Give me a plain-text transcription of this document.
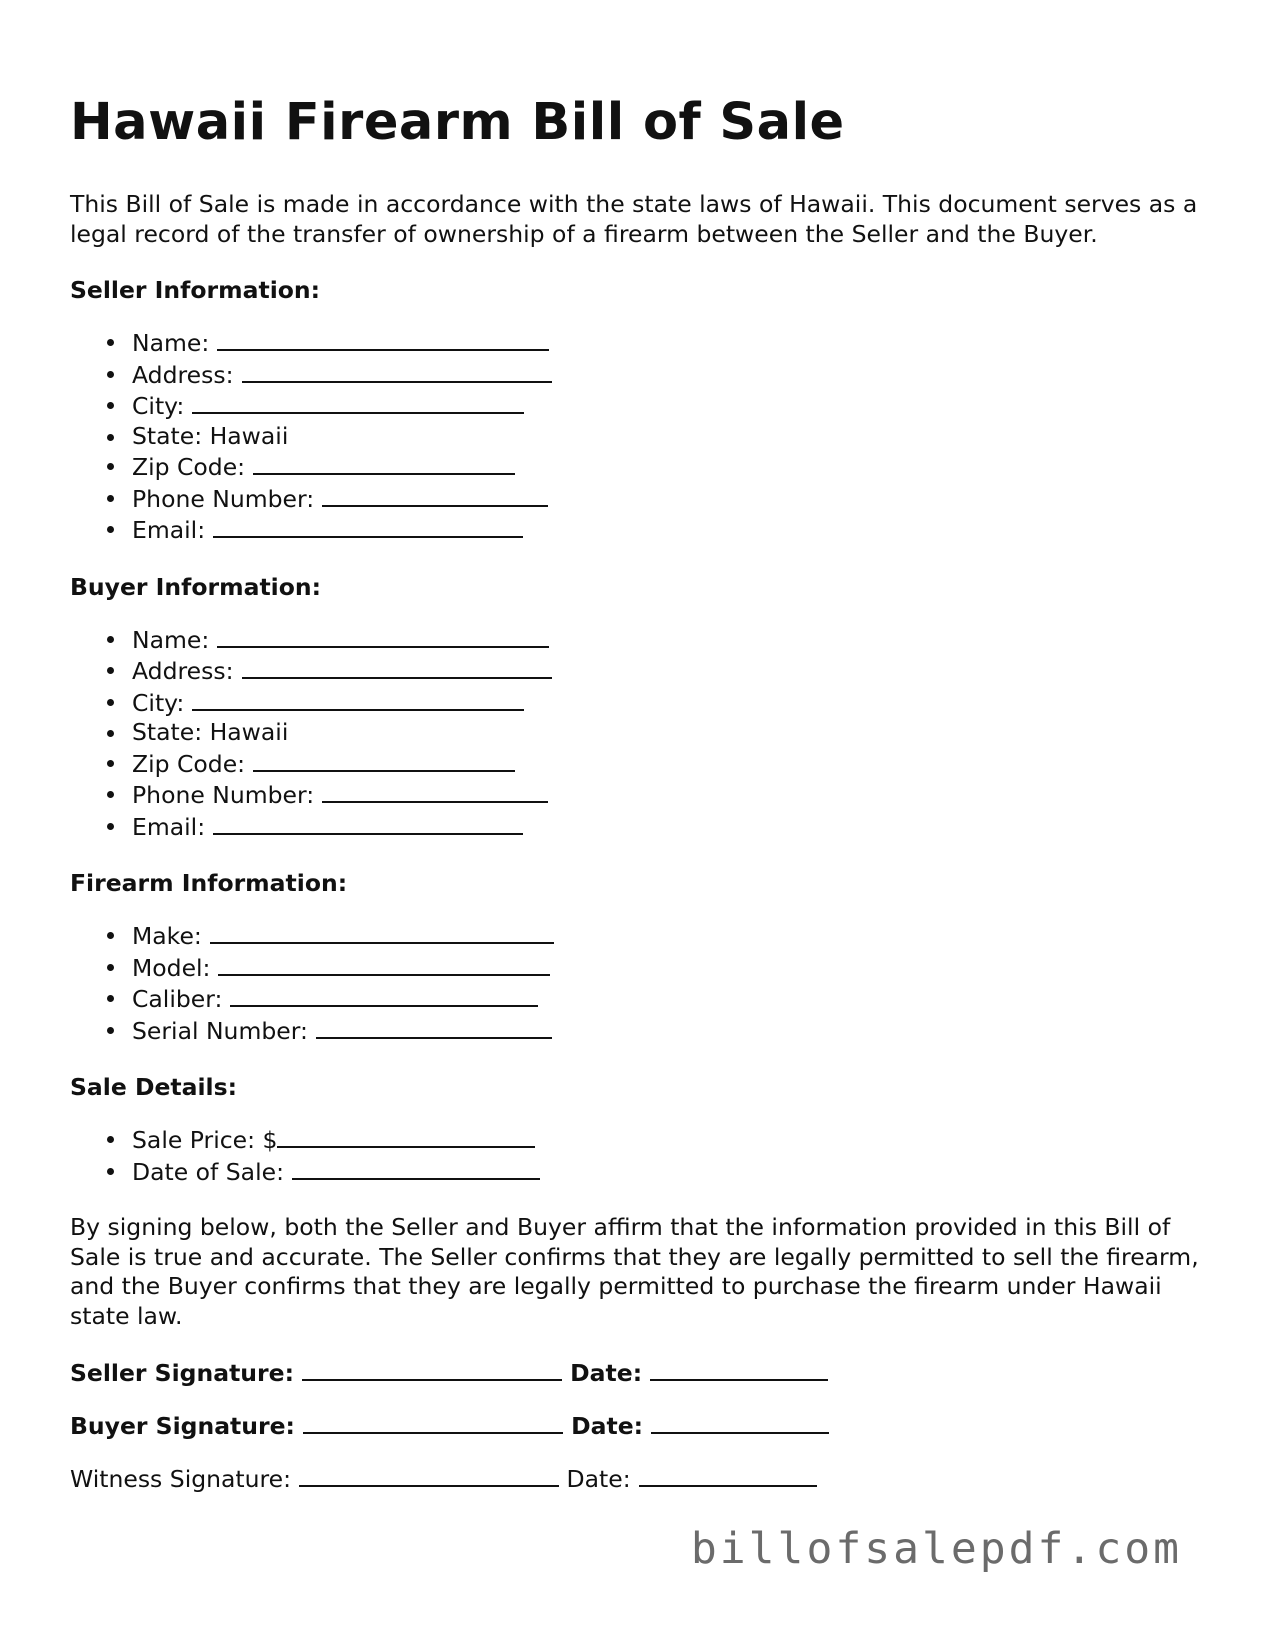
Hawaii Firearm Bill of Sale

This Bill of Sale is made in accordance with the state laws of Hawaii. This document serves as a legal record of the transfer of ownership of a firearm between the Seller and the Buyer.

Seller Information:
Name:
Address:
City:
State: Hawaii
Zip Code:
Phone Number:
Email:
Buyer Information:
Name:
Address:
City:
State: Hawaii
Zip Code:
Phone Number:
Email:
Firearm Information:
Make:
Model:
Caliber:
Serial Number:
Sale Details:
Sale Price: $
Date of Sale:

By signing below, both the Seller and Buyer affirm that the information provided in this Bill of Sale is true and accurate. The Seller confirms that they are legally permitted to sell the firearm, and the Buyer confirms that they are legally permitted to purchase the firearm under Hawaii state law.

Seller Signature:	Date:
Buyer Signature:	Date:
Witness Signature:	Date:
billofsalepdf.com
